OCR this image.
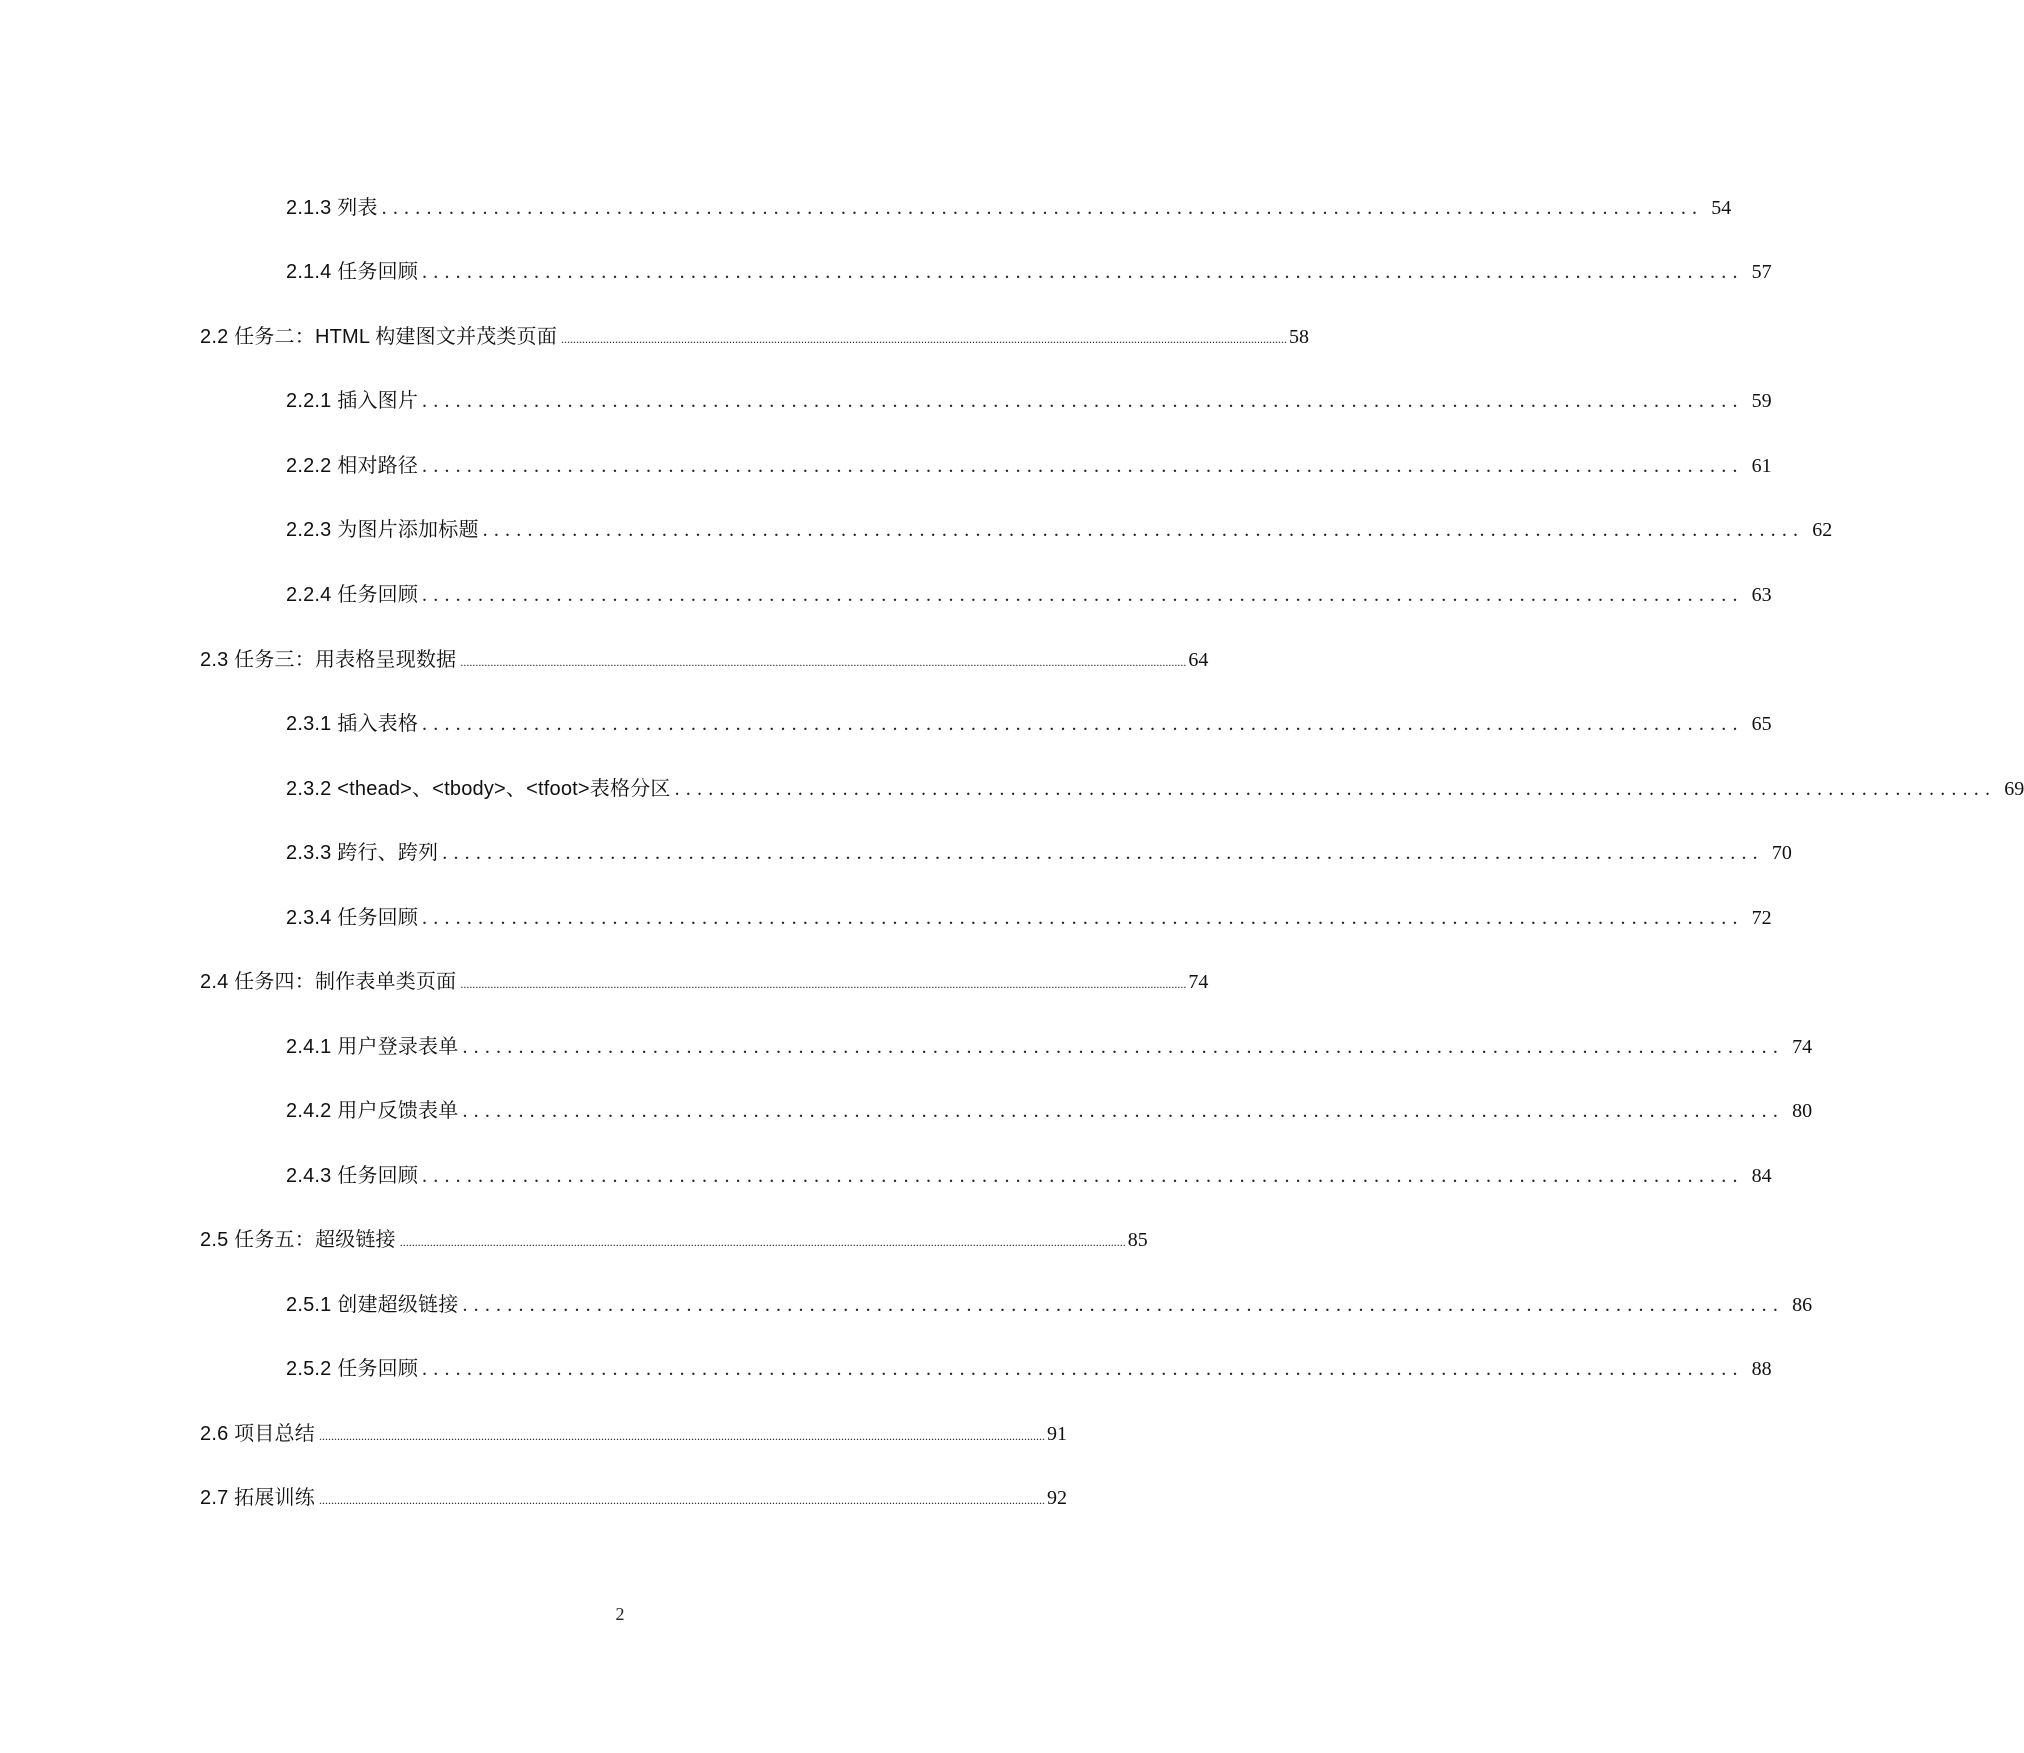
2.1.3 列表 ...................................................................................................................... 54
2.1.4 任务回顾 ...................................................................................................................... 57
2.2 任务二：HTML 构建图文并茂类页面 .................................................................................................................................................................................................................................................. 58
2.2.1 插入图片 ...................................................................................................................... 59
2.2.2 相对路径 ...................................................................................................................... 61
2.2.3 为图片添加标题 ...................................................................................................................... 62
2.2.4 任务回顾 ...................................................................................................................... 63
2.3 任务三：用表格呈现数据 .................................................................................................................................................................................................................................................. 64
2.3.1 插入表格 ...................................................................................................................... 65
2.3.2 <thead>、<tbody>、<tfoot>表格分区 ...................................................................................................................... 69
2.3.3 跨行、跨列 ...................................................................................................................... 70
2.3.4 任务回顾 ...................................................................................................................... 72
2.4 任务四：制作表单类页面 .................................................................................................................................................................................................................................................. 74
2.4.1 用户登录表单 ...................................................................................................................... 74
2.4.2 用户反馈表单 ...................................................................................................................... 80
2.4.3 任务回顾 ...................................................................................................................... 84
2.5 任务五：超级链接 .................................................................................................................................................................................................................................................. 85
2.5.1 创建超级链接 ...................................................................................................................... 86
2.5.2 任务回顾 ...................................................................................................................... 88
2.6 项目总结 .................................................................................................................................................................................................................................................. 91
2.7 拓展训练 .................................................................................................................................................................................................................................................. 92
2
